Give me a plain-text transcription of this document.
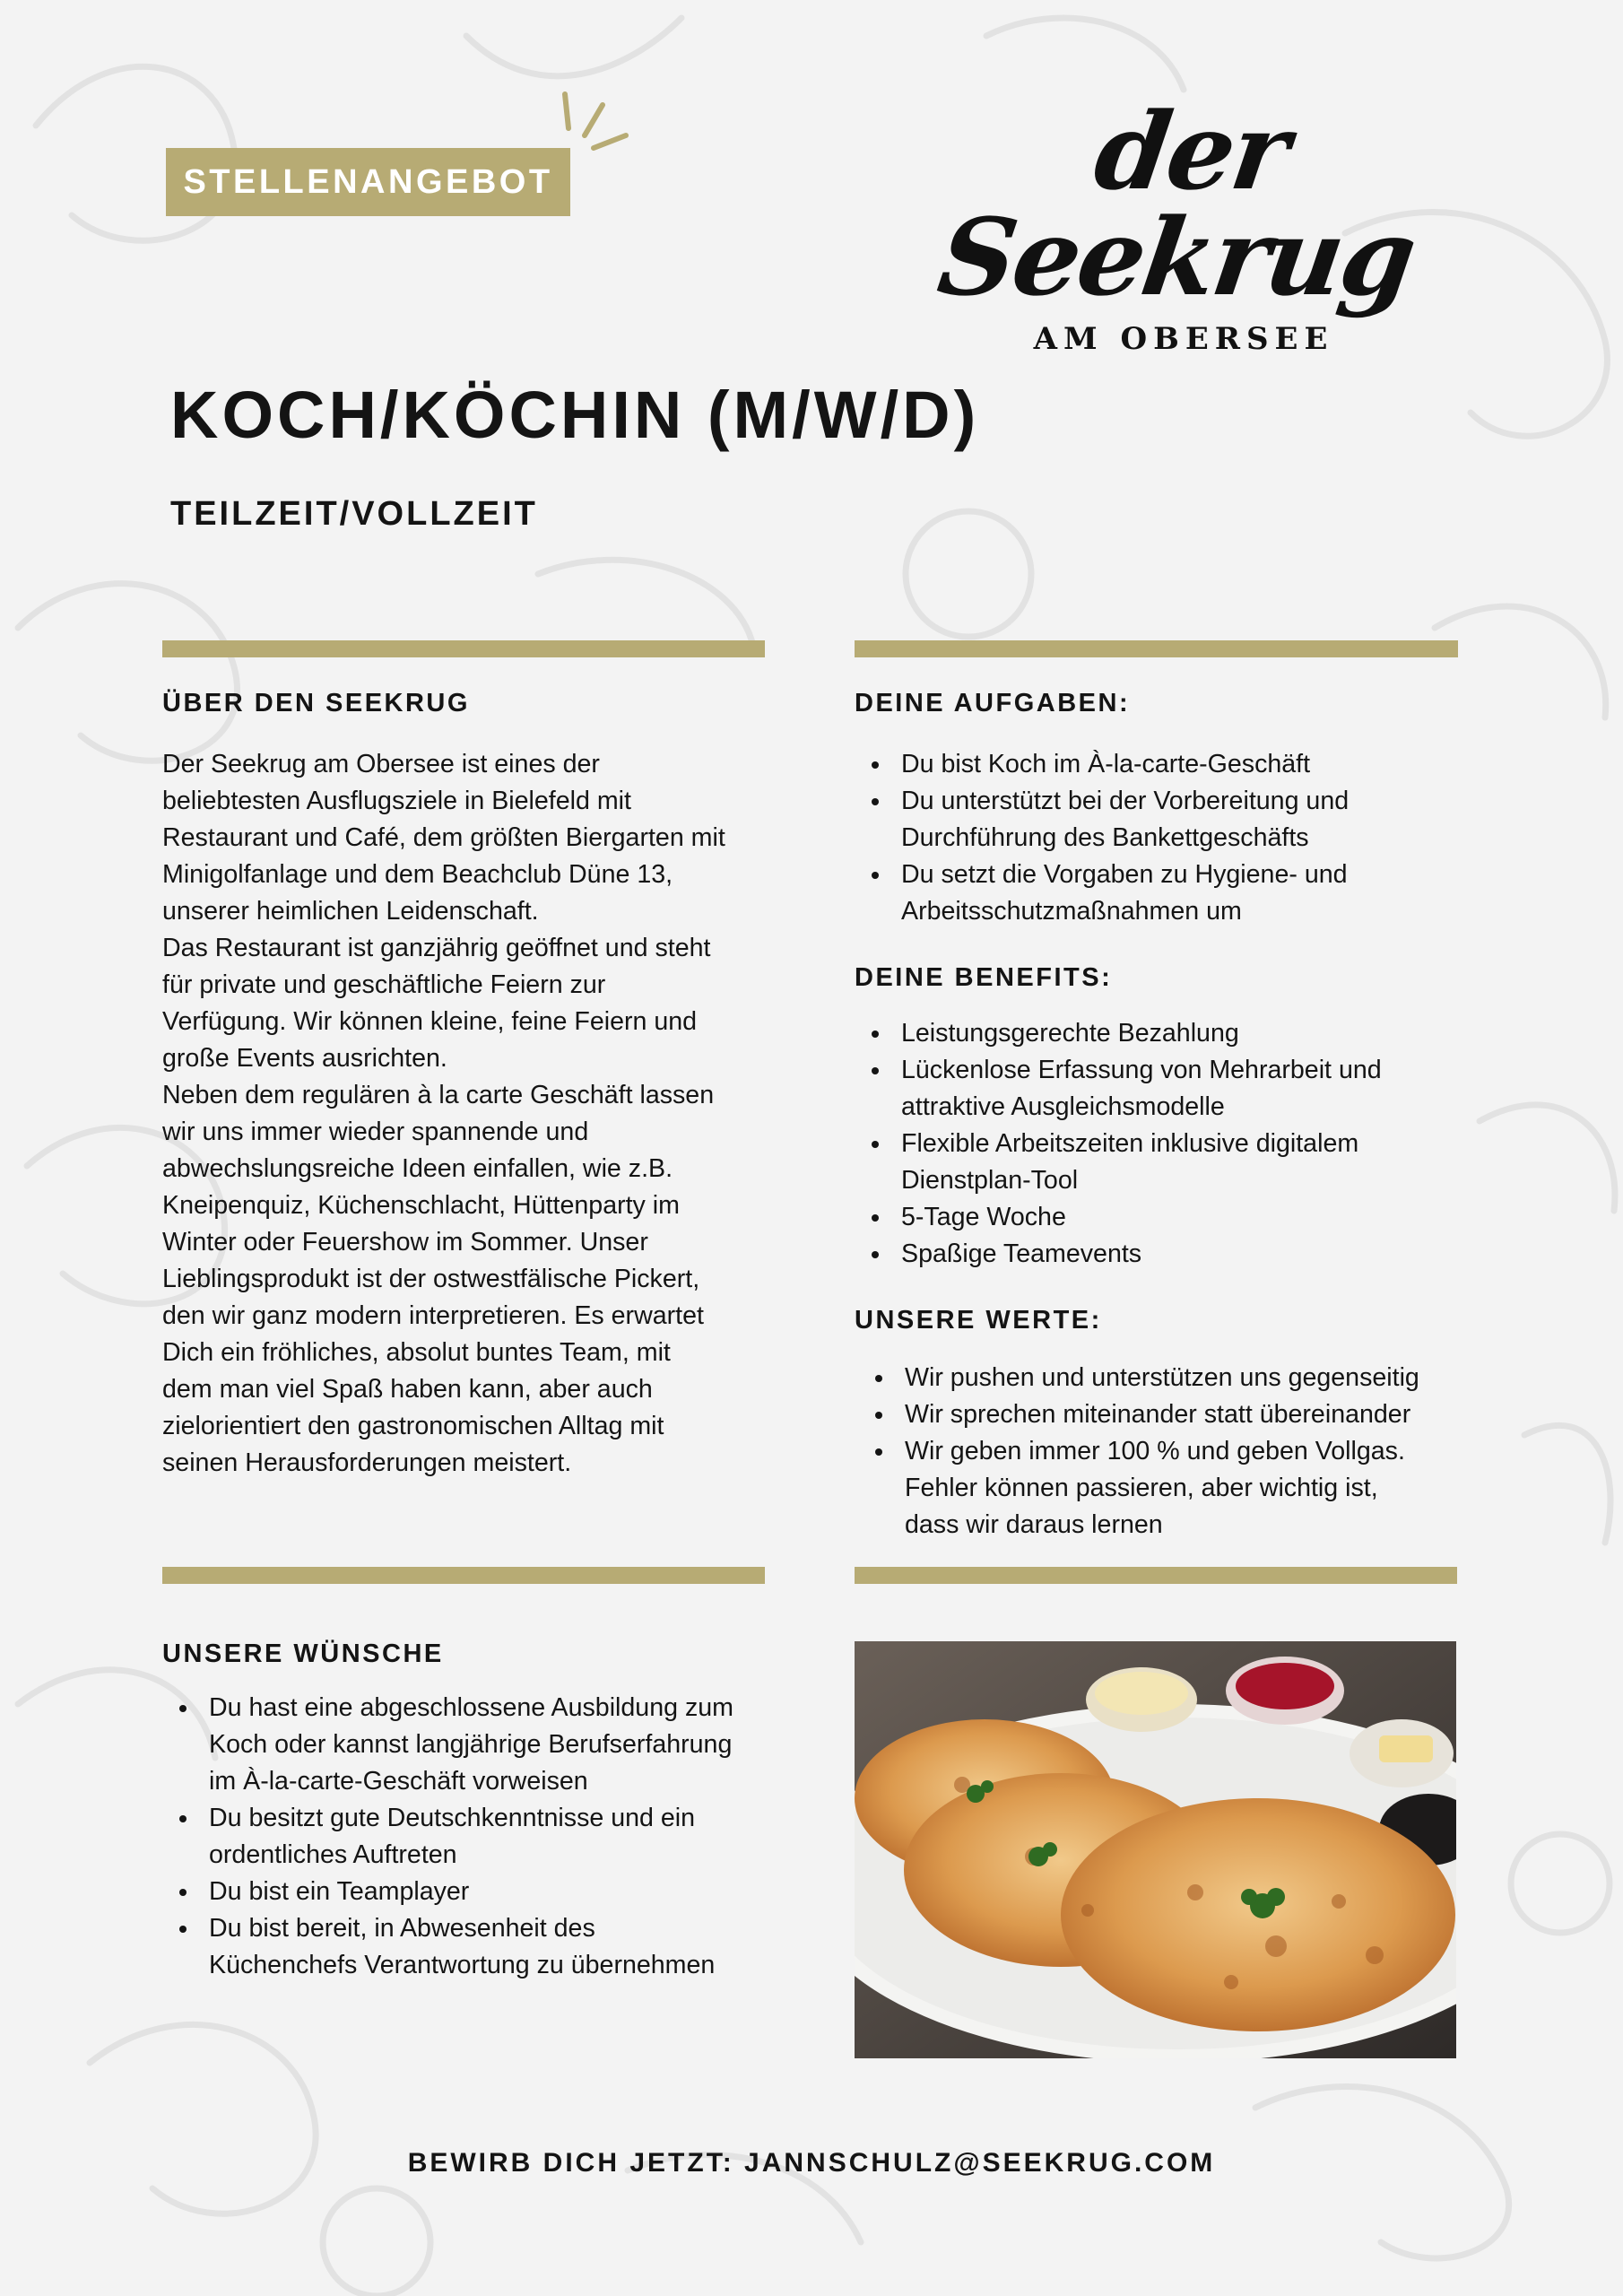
STELLENANGEBOT	der Seekrug
AM OBERSEE
KOCH/KÖCHIN (M/W/D)
TEILZEIT/VOLLZEIT
ÜBER DEN SEEKRUG
Der Seekrug am Obersee ist eines der
beliebtesten Ausflugsziele in Bielefeld mit
Restaurant und Café, dem größten Biergarten mit
Minigolfanlage und dem Beachclub Düne 13,
unserer heimlichen Leidenschaft.
Das Restaurant ist ganzjährig geöffnet und steht
für private und geschäftliche Feiern zur
Verfügung. Wir können kleine, feine Feiern und
große Events ausrichten.
Neben dem regulären à la carte Geschäft lassen
wir uns immer wieder spannende und
abwechslungsreiche Ideen einfallen, wie z.B.
Kneipenquiz, Küchenschlacht, Hüttenparty im
Winter oder Feuershow im Sommer. Unser
Lieblingsprodukt ist der ostwestfälische Pickert,
den wir ganz modern interpretieren. Es erwartet
Dich ein fröhliches, absolut buntes Team, mit
dem man viel Spaß haben kann, aber auch
zielorientiert den gastronomischen Alltag mit
seinen Herausforderungen meistert.
DEINE AUFGABEN:
Du bist Koch im À-la-carte-Geschäft
Du unterstützt bei der Vorbereitung und
Durchführung des Bankettgeschäfts
Du setzt die Vorgaben zu Hygiene- und
Arbeitsschutzmaßnahmen um
DEINE BENEFITS:
Leistungsgerechte Bezahlung
Lückenlose Erfassung von Mehrarbeit und
attraktive Ausgleichsmodelle
Flexible Arbeitszeiten inklusive digitalem
Dienstplan-Tool
5-Tage Woche
Spaßige Teamevents
UNSERE WERTE:
Wir pushen und unterstützen uns gegenseitig
Wir sprechen miteinander statt übereinander
Wir geben immer 100 % und geben Vollgas.
Fehler können passieren, aber wichtig ist,
dass wir daraus lernen
UNSERE WÜNSCHE
Du hast eine abgeschlossene Ausbildung zum
Koch oder kannst langjährige Berufserfahrung
im À-la-carte-Geschäft vorweisen
Du besitzt gute Deutschkenntnisse und ein
ordentliches Auftreten
Du bist ein Teamplayer
Du bist bereit, in Abwesenheit des
Küchenchefs Verantwortung zu übernehmen
BEWIRB DICH JETZT: JANNSCHULZ@SEEKRUG.COM
